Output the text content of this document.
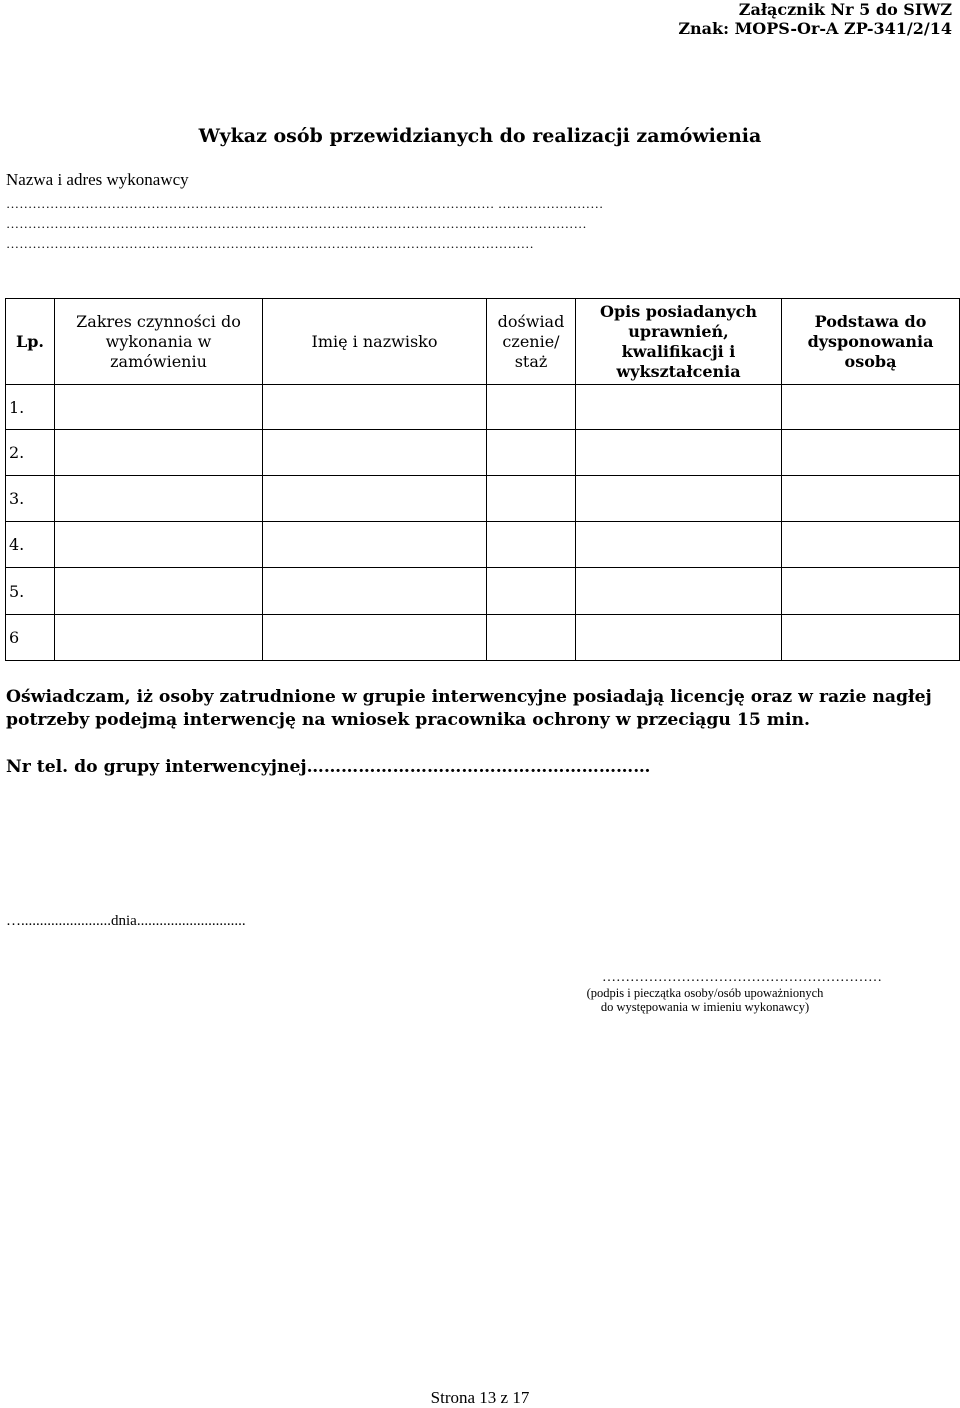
Załącznik Nr 5 do SIWZ
Znak: MOPS-Or-A ZP-341/2/14
Wykaz osób przewidzianych do realizacji zamówienia
Nazwa i adres wykonawcy
………………………………………………………………………………………………… ……………………
……………………………………………………………………………………………………………………
…………………………………………………………………………………………………………
Lp.	Zakres czynności do wykonania w zamówieniu	Imię i nazwisko	doświad czenie/ staż	Opis posiadanych uprawnień, kwalifikacji i wykształcenia	Podstawa do dysponowania osobą
1.					
2.					
3.					
4.					
5.					
6					
Oświadczam, iż osoby zatrudnione w grupie interwencyjne posiadają licencję oraz w razie nagłej potrzeby podejmą interwencję na wniosek pracownika ochrony w przeciągu 15 min.
Nr tel. do grupy interwencyjnej……………………………………………………
…........................dnia.............................
……………………………………………………
(podpis i pieczątka osoby/osób upoważnionych
do występowania w imieniu wykonawcy)
Strona 13 z 17
